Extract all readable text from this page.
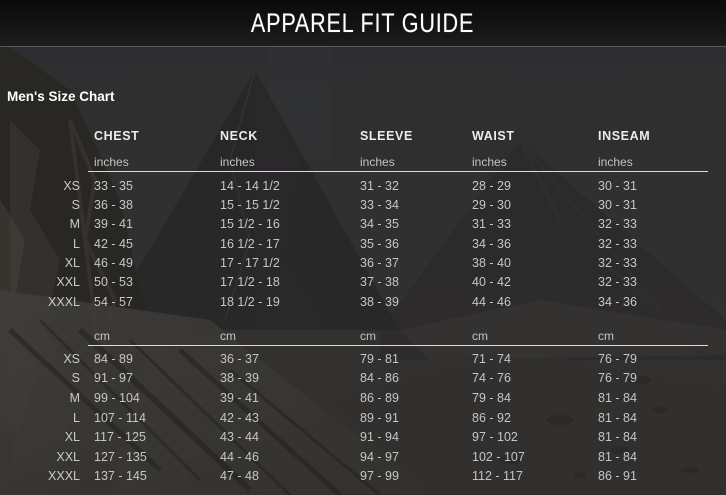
APPAREL FIT GUIDE
Men's Size Chart
CHEST	NECK	SLEEVE	WAIST	INSEAM
inches	inches	inches	inches	inches
XS	33 - 35	14 - 14 1/2	31 - 32	28 - 29	30 - 31
S	36 - 38	15 - 15 1/2	33 - 34	29 - 30	30 - 31
M	39 - 41	15 1/2 - 16	34 - 35	31 - 33	32 - 33
L	42 - 45	16 1/2 - 17	35 - 36	34 - 36	32 - 33
XL	46 - 49	17 - 17 1/2	36 - 37	38 - 40	32 - 33
XXL	50 - 53	17 1/2 - 18	37 - 38	40 - 42	32 - 33
XXXL	54 - 57	18 1/2 - 19	38 - 39	44 - 46	34 - 36
cm	cm	cm	cm	cm
XS	84 - 89	36 - 37	79 - 81	71 - 74	76 - 79
S	91 - 97	38 - 39	84 - 86	74 - 76	76 - 79
M	99 - 104	39 - 41	86 - 89	79 - 84	81 - 84
L	107 - 114	42 - 43	89 - 91	86 - 92	81 - 84
XL	117 - 125	43 - 44	91 - 94	97 - 102	81 - 84
XXL	127 - 135	44 - 46	94 - 97	102 - 107	81 - 84
XXXL	137 - 145	47 - 48	97 - 99	112 - 117	86 - 91
